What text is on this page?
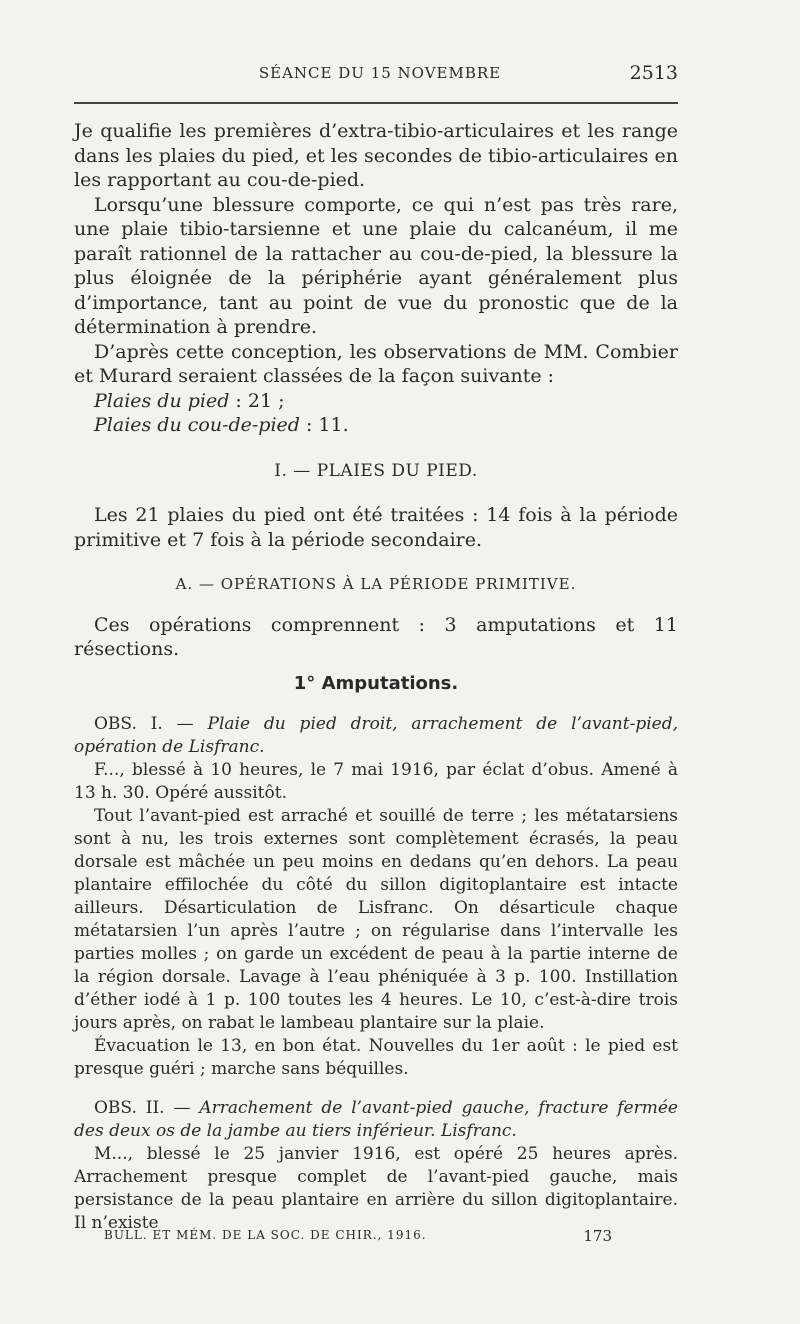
SÉANCE DU 15 NOVEMBRE	2513

Je qualifie les premières d’extra-tibio-articulaires et les range dans les plaies du pied, et les secondes de tibio-articulaires en les rapportant au cou-de-pied.

Lorsqu’une blessure comporte, ce qui n’est pas très rare, une plaie tibio-tarsienne et une plaie du calcanéum, il me paraît rationnel de la rattacher au cou-de-pied, la blessure la plus éloignée de la périphérie ayant généralement plus d’importance, tant au point de vue du pronostic que de la détermination à prendre.

D’après cette conception, les observations de MM. Combier et Murard seraient classées de la façon suivante :

Plaies du pied : 21 ;

Plaies du cou-de-pied : 11.

I. — PLAIES DU PIED.

Les 21 plaies du pied ont été traitées : 14 fois à la période primitive et 7 fois à la période secondaire.

A. — OPÉRATIONS À LA PÉRIODE PRIMITIVE.

Ces opérations comprennent : 3 amputations et 11 résections.

1° Amputations.

OBS. I. — Plaie du pied droit, arrachement de l’avant-pied, opération de Lisfranc.

F..., blessé à 10 heures, le 7 mai 1916, par éclat d’obus. Amené à 13 h. 30. Opéré aussitôt.

Tout l’avant-pied est arraché et souillé de terre ; les métatarsiens sont à nu, les trois externes sont complètement écrasés, la peau dorsale est mâchée un peu moins en dedans qu’en dehors. La peau plantaire effilochée du côté du sillon digitoplantaire est intacte ailleurs. Désarticulation de Lisfranc. On désarticule chaque métatarsien l’un après l’autre ; on régularise dans l’intervalle les parties molles ; on garde un excédent de peau à la partie interne de la région dorsale. Lavage à l’eau phéniquée à 3 p. 100. Instillation d’éther iodé à 1 p. 100 toutes les 4 heures. Le 10, c’est-à-dire trois jours après, on rabat le lambeau plantaire sur la plaie.

Évacuation le 13, en bon état. Nouvelles du 1er août : le pied est presque guéri ; marche sans béquilles.

OBS. II. — Arrachement de l’avant-pied gauche, fracture fermée des deux os de la jambe au tiers inférieur. Lisfranc.

M..., blessé le 25 janvier 1916, est opéré 25 heures après. Arrachement presque complet de l’avant-pied gauche, mais persistance de la peau plantaire en arrière du sillon digitoplantaire. Il n’existe

BULL. ET MÉM. DE LA SOC. DE CHIR., 1916.	173
